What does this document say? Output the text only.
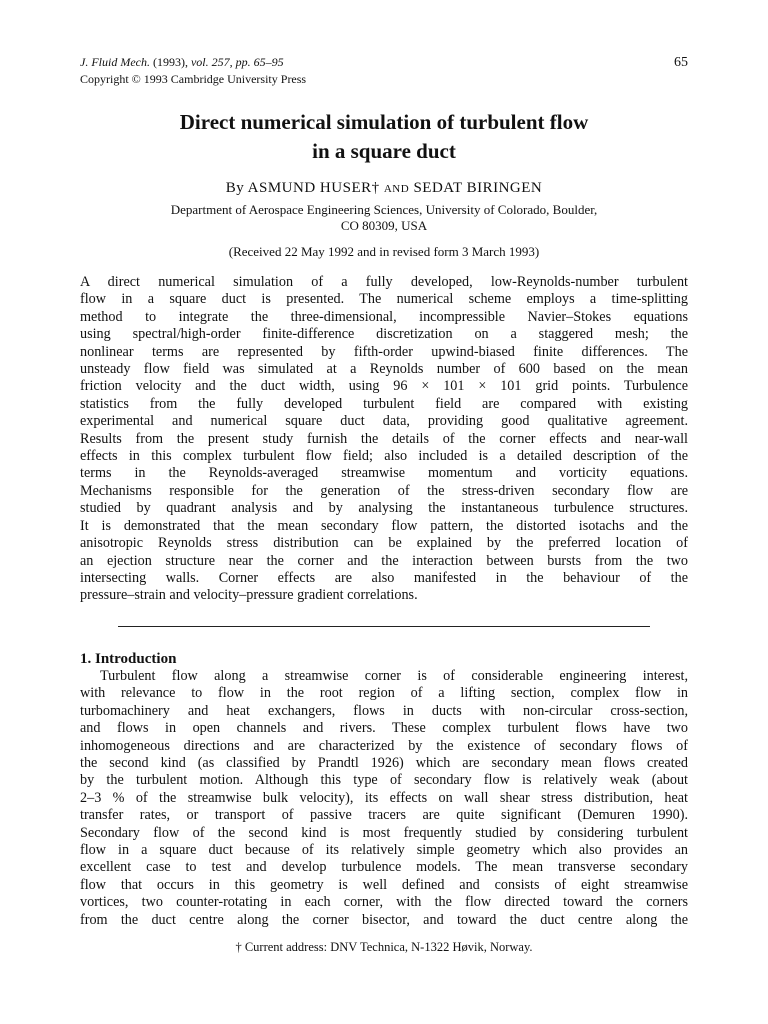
J. Fluid Mech. (1993), vol. 257, pp. 65–95
Copyright © 1993 Cambridge University Press
65
Direct numerical simulation of turbulent flow
in a square duct
By ASMUND HUSER† and SEDAT BIRINGEN
Department of Aerospace Engineering Sciences, University of Colorado, Boulder,
CO 80309, USA
(Received 22 May 1992 and in revised form 3 March 1993)
A direct numerical simulation of a fully developed, low-Reynolds-number turbulent
flow in a square duct is presented. The numerical scheme employs a time-splitting
method to integrate the three-dimensional, incompressible Navier–Stokes equations
using spectral/high-order finite-difference discretization on a staggered mesh; the
nonlinear terms are represented by fifth-order upwind-biased finite differences. The
unsteady flow field was simulated at a Reynolds number of 600 based on the mean
friction velocity and the duct width, using 96 × 101 × 101 grid points. Turbulence
statistics from the fully developed turbulent field are compared with existing
experimental and numerical square duct data, providing good qualitative agreement.
Results from the present study furnish the details of the corner effects and near-wall
effects in this complex turbulent flow field; also included is a detailed description of the
terms in the Reynolds-averaged streamwise momentum and vorticity equations.
Mechanisms responsible for the generation of the stress-driven secondary flow are
studied by quadrant analysis and by analysing the instantaneous turbulence structures.
It is demonstrated that the mean secondary flow pattern, the distorted isotachs and the
anisotropic Reynolds stress distribution can be explained by the preferred location of
an ejection structure near the corner and the interaction between bursts from the two
intersecting walls. Corner effects are also manifested in the behaviour of the
pressure–strain and velocity–pressure gradient correlations.
1. Introduction
Turbulent flow along a streamwise corner is of considerable engineering interest,
with relevance to flow in the root region of a lifting section, complex flow in
turbomachinery and heat exchangers, flows in ducts with non-circular cross-section,
and flows in open channels and rivers. These complex turbulent flows have two
inhomogeneous directions and are characterized by the existence of secondary flows of
the second kind (as classified by Prandtl 1926) which are secondary mean flows created
by the turbulent motion. Although this type of secondary flow is relatively weak (about
2–3 % of the streamwise bulk velocity), its effects on wall shear stress distribution, heat
transfer rates, or transport of passive tracers are quite significant (Demuren 1990).
Secondary flow of the second kind is most frequently studied by considering turbulent
flow in a square duct because of its relatively simple geometry which also provides an
excellent case to test and develop turbulence models. The mean transverse secondary
flow that occurs in this geometry is well defined and consists of eight streamwise
vortices, two counter-rotating in each corner, with the flow directed toward the corners
from the duct centre along the corner bisector, and toward the duct centre along the
† Current address: DNV Technica, N-1322 Høvik, Norway.
